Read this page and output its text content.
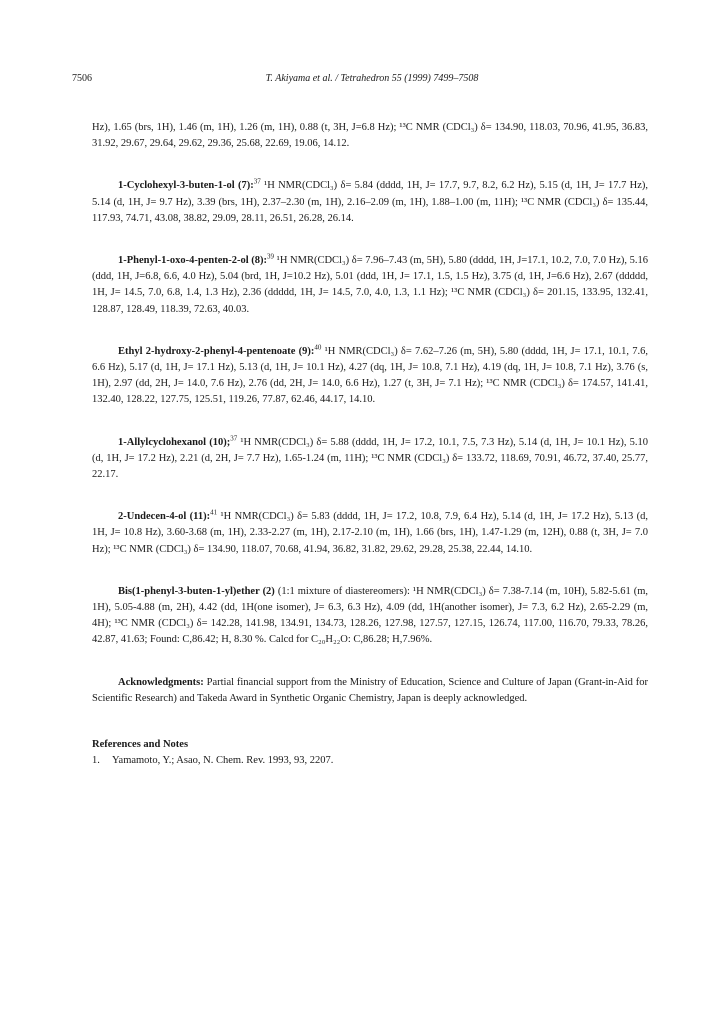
7506	T. Akiyama et al. / Tetrahedron 55 (1999) 7499–7508

Hz), 1.65 (brs, 1H), 1.46 (m, 1H), 1.26 (m, 1H), 0.88 (t, 3H, J=6.8 Hz); ¹³C NMR (CDCl₃) δ= 134.90, 118.03, 70.96, 41.95, 36.83, 31.92, 29.67, 29.64, 29.62, 29.36, 25.68, 22.69, 19.06, 14.12.

1-Cyclohexyl-3-buten-1-ol (7):$^{37}$ ¹H NMR(CDCl₃) δ= 5.84 (dddd, 1H, J= 17.7, 9.7, 8.2, 6.2 Hz), 5.15 (d, 1H, J= 17.7 Hz), 5.14 (d, 1H, J= 9.7 Hz), 3.39 (brs, 1H), 2.37–2.30 (m, 1H), 2.16–2.09 (m, 1H), 1.88–1.00 (m, 11H); ¹³C NMR (CDCl₃) δ= 135.44, 117.93, 74.71, 43.08, 38.82, 29.09, 28.11, 26.51, 26.28, 26.14.

1-Phenyl-1-oxo-4-penten-2-ol (8):$^{39}$ ¹H NMR(CDCl₃) δ= 7.96–7.43 (m, 5H), 5.80 (dddd, 1H, J=17.1, 10.2, 7.0, 7.0 Hz), 5.16 (ddd, 1H, J=6.8, 6.6, 4.0 Hz), 5.04 (brd, 1H, J=10.2 Hz), 5.01 (ddd, 1H, J= 17.1, 1.5, 1.5 Hz), 3.75 (d, 1H, J=6.6 Hz), 2.67 (ddddd, 1H, J= 14.5, 7.0, 6.8, 1.4, 1.3 Hz), 2.36 (ddddd, 1H, J= 14.5, 7.0, 4.0, 1.3, 1.1 Hz); ¹³C NMR (CDCl₃) δ= 201.15, 133.95, 132.41, 128.87, 128.49, 118.39, 72.63, 40.03.

Ethyl 2-hydroxy-2-phenyl-4-pentenoate (9):$^{40}$ ¹H NMR(CDCl₃) δ= 7.62–7.26 (m, 5H), 5.80 (dddd, 1H, J= 17.1, 10.1, 7.6, 6.6 Hz), 5.17 (d, 1H, J= 17.1 Hz), 5.13 (d, 1H, J= 10.1 Hz), 4.27 (dq, 1H, J= 10.8, 7.1 Hz), 4.19 (dq, 1H, J= 10.8, 7.1 Hz), 3.76 (s, 1H), 2.97 (dd, 2H, J= 14.0, 7.6 Hz), 2.76 (dd, 2H, J= 14.0, 6.6 Hz), 1.27 (t, 3H, J= 7.1 Hz); ¹³C NMR (CDCl₃) δ= 174.57, 141.41, 132.40, 128.22, 127.75, 125.51, 119.26, 77.87, 62.46, 44.17, 14.10.

1-Allylcyclohexanol (10);$^{37}$ ¹H NMR(CDCl₃) δ= 5.88 (dddd, 1H, J= 17.2, 10.1, 7.5, 7.3 Hz), 5.14 (d, 1H, J= 10.1 Hz), 5.10 (d, 1H, J= 17.2 Hz), 2.21 (d, 2H, J= 7.7 Hz), 1.65-1.24 (m, 11H); ¹³C NMR (CDCl₃) δ= 133.72, 118.69, 70.91, 46.72, 37.40, 25.77, 22.17.

2-Undecen-4-ol (11):$^{41}$ ¹H NMR(CDCl₃) δ= 5.83 (dddd, 1H, J= 17.2, 10.8, 7.9, 6.4 Hz), 5.14 (d, 1H, J= 17.2 Hz), 5.13 (d, 1H, J= 10.8 Hz), 3.60-3.68 (m, 1H), 2.33-2.27 (m, 1H), 2.17-2.10 (m, 1H), 1.66 (brs, 1H), 1.47-1.29 (m, 12H), 0.88 (t, 3H, J= 7.0 Hz); ¹³C NMR (CDCl₃) δ= 134.90, 118.07, 70.68, 41.94, 36.82, 31.82, 29.62, 29.28, 25.38, 22.44, 14.10.

Bis(1-phenyl-3-buten-1-yl)ether (2) (1:1 mixture of diastereomers): ¹H NMR(CDCl₃) δ= 7.38-7.14 (m, 10H), 5.82-5.61 (m, 1H), 5.05-4.88 (m, 2H), 4.42 (dd, 1H(one isomer), J= 6.3, 6.3 Hz), 4.09 (dd, 1H(another isomer), J= 7.3, 6.2 Hz), 2.65-2.29 (m, 4H); ¹³C NMR (CDCl₃) δ= 142.28, 141.98, 134.91, 134.73, 128.26, 127.98, 127.57, 127.15, 126.74, 117.00, 116.70, 79.33, 78.26, 42.87, 41.63; Found: C,86.42; H, 8.30 %. Calcd for C₂₀H₂₂O: C,86.28; H,7.96%.

Acknowledgments: Partial financial support from the Ministry of Education, Science and Culture of Japan (Grant-in-Aid for Scientific Research) and Takeda Award in Synthetic Organic Chemistry, Japan is deeply acknowledged.

References and Notes
1. Yamamoto, Y.; Asao, N. Chem. Rev. 1993, 93, 2207.
